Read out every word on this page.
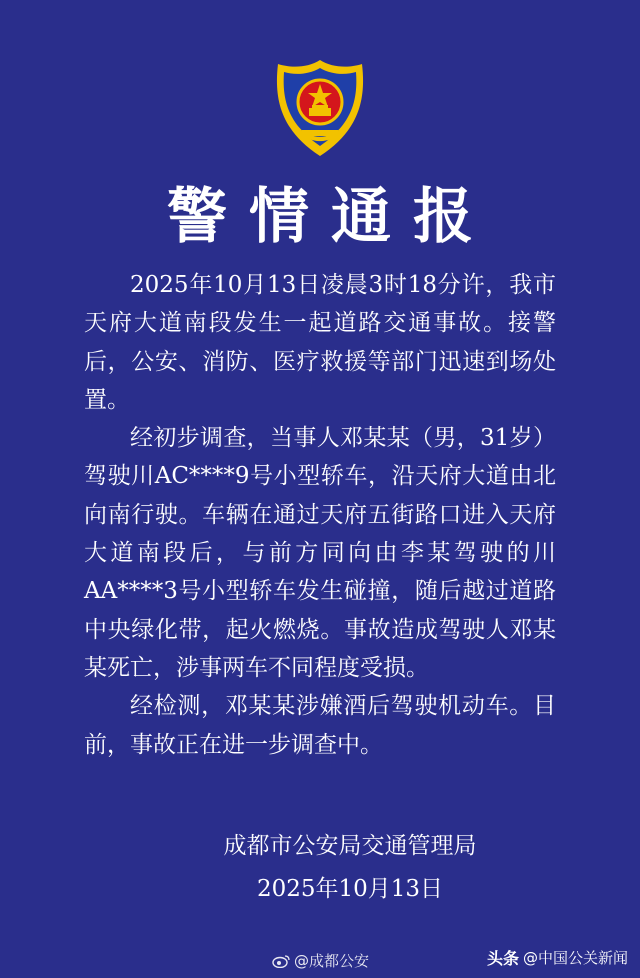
警情通报

2025年10月13日凌晨3时18分许，我市天府大道南段发生一起道路交通事故。接警后，公安、消防、医疗救援等部门迅速到场处置。

经初步调查，当事人邓某某（男，31岁）驾驶川AC****9号小型轿车，沿天府大道由北向南行驶。车辆在通过天府五街路口进入天府大道南段后，与前方同向由李某驾驶的川AA****3号小型轿车发生碰撞，随后越过道路中央绿化带，起火燃烧。事故造成驾驶人邓某某死亡，涉事两车不同程度受损。

经检测，邓某某涉嫌酒后驾驶机动车。目前，事故正在进一步调查中。

成都市公安局交通管理局
2025年10月13日
@成都公安	头条 @中国公关新闻
